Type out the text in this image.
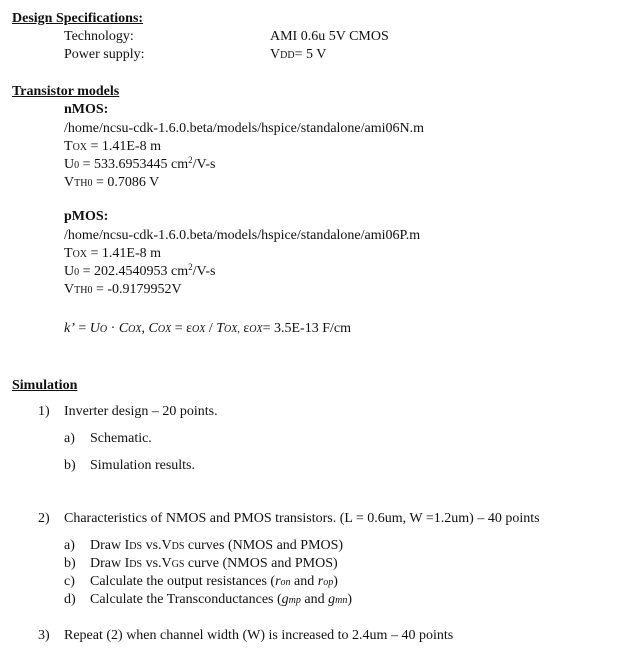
Design Specifications:
Technology:	AMI 0.6u 5V CMOS
Power supply:	VDD= 5 V
Transistor models
nMOS:
/home/ncsu-cdk-1.6.0.beta/models/hspice/standalone/ami06N.m
TOX = 1.41E-8 m
U0 = 533.6953445 $cm^2/V-s$
VTH0 = 0.7086 V
pMOS:
/home/ncsu-cdk-1.6.0.beta/models/hspice/standalone/ami06P.m
TOX = 1.41E-8 m
U0 = 202.4540953 $cm^2/V-s$
VTH0 = -0.9179952V
k’ = UO · COX, COX = εOX / TOX, εOX= 3.5E-13 F/cm
Simulation
1) Inverter design – 20 points.
a) Schematic.
b) Simulation results.
2) Characteristics of NMOS and PMOS transistors. (L = 0.6um, W =1.2um) – 40 points
a) Draw IDS vs.VDS curves (NMOS and PMOS)
b) Draw IDS vs.VGS curve (NMOS and PMOS)
c) Calculate the output resistances (ron and rop)
d) Calculate the Transconductances (gmp and gmn)
3) Repeat (2) when channel width (W) is increased to 2.4um – 40 points
